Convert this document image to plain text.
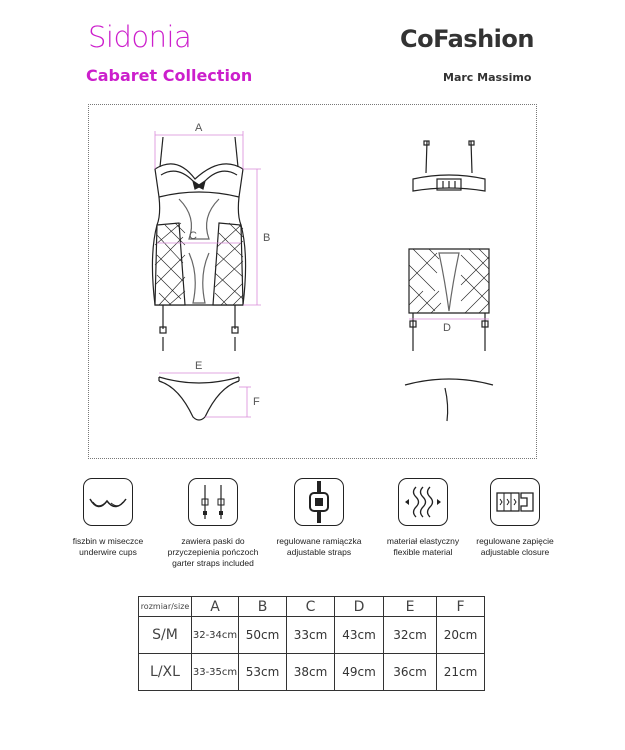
Sidonia	CoFashion
Cabaret Collection	Marc Massimo
A
B
C
E
F
D
fiszbin w miseczce
underwire cups
zawiera paski do przyczepienia pończoch
garter straps included
regulowane ramiączka
adjustable straps
materiał elastyczny
flexible material
regulowane zapięcie
adjustable closure
rozmiar/size	A	B	C	D	E	F
S/M	32-34cm	50cm	33cm	43cm	32cm	20cm
L/XL	33-35cm	53cm	38cm	49cm	36cm	21cm
